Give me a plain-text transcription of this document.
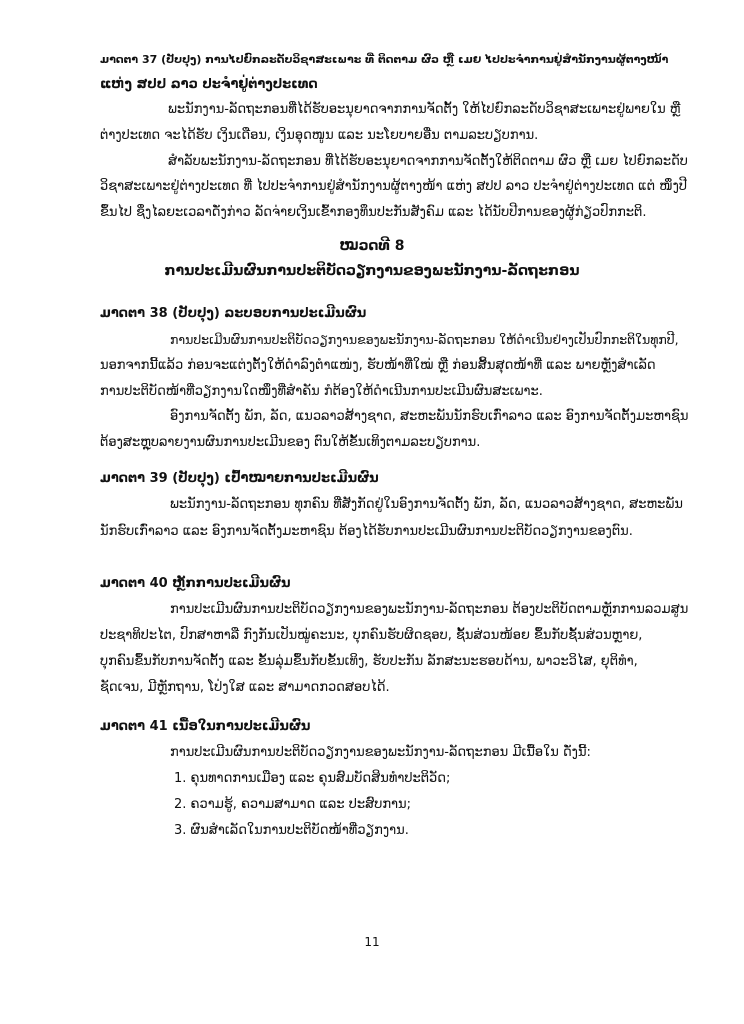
ມາດຕາ 37 (ປັບປຸງ) ການໄປຍົກລະດັບວິຊາສະເພາະ ທີ່ ຕິດຕາມ ຜົວ ຫຼື ເມຍ ໄປປະຈຳການຢູ່ສຳນັກງານຜູ້ຕາງໜ້າ
ແຫ່ງ ສປປ ລາວ ປະຈຳຢູ່ຕ່າງປະເທດ
ພະນັກງານ-ລັດຖະກອນທີ່ໄດ້ຮັບອະນຸຍາດຈາກການຈັດຕັ້ງ ໃຫ້ໄປຍົກລະດັບວິຊາສະເພາະຢູ່ພາຍໃນ ຫຼື
ຕ່າງປະເທດ ຈະໄດ້ຮັບ ເງິນເດືອນ, ເງິນອຸດໜູນ ແລະ ນະໂຍບາຍອື່ນ ຕາມລະບຽບການ.
ສຳລັບພະນັກງານ-ລັດຖະກອນ ທີ່ໄດ້ຮັບອະນຸຍາດຈາກການຈັດຕັ້ງໃຫ້ຕິດຕາມ ຜົວ ຫຼື ເມຍ ໄປຍົກລະດັບ
ວິຊາສະເພາະຢູ່ຕ່າງປະເທດ ທີ່ ໄປປະຈຳການຢູ່ສຳນັກງານຜູ້ຕາງໜ້າ ແຫ່ງ ສປປ ລາວ ປະຈຳຢູ່ຕ່າງປະເທດ ແຕ່ ໜຶ່ງປີ
ຂຶ້ນໄປ ຊຶ່ງໄລຍະເວລາດັ່ງກ່າວ ລັດຈ່າຍເງິນເຂົ້າກອງທຶນປະກັນສັງຄົມ ແລະ ໄດ້ນັບປີການຂອງຜູ້ກ່ຽວປົກກະຕິ.
ໝວດທີ 8
ການປະເມີນຜົນການປະຕິບັດວຽກງານຂອງພະນັກງານ-ລັດຖະກອນ
ມາດຕາ 38 (ປັບປຸງ) ລະບອບການປະເມີນຜົນ
ການປະເມີນຜົນການປະຕິບັດວຽກງານຂອງພະນັກງານ-ລັດຖະກອນ ໃຫ້ດຳເນີນຢ່າງເປັນປົກກະຕິໃນທຸກປີ,
ນອກຈາກນີ້ແລ້ວ ກ່ອນຈະແຕ່ງຕັ້ງໃຫ້ດຳລົງຕຳແໜ່ງ, ຮັບໜ້າທີ່ໃໝ່ ຫຼື ກ່ອນສິ້ນສຸດໜ້າທີ່ ແລະ ພາຍຫຼັງສຳເລັດ
ການປະຕິບັດໜ້າທີ່ວຽກງານໃດໜຶ່ງທີ່ສຳຄັນ ກໍຕ້ອງໃຫ້ດຳເນີນການປະເມີນຜົນສະເພາະ.
ອົງການຈັດຕັ້ງ ພັກ, ລັດ, ແນວລາວສ້າງຊາດ, ສະຫະພັນນັກຮົບເກົ່າລາວ ແລະ ອົງການຈັດຕັ້ງມະຫາຊົນ
ຕ້ອງສະຫຼຸບລາຍງານຜົນການປະເມີນຂອງ ຕົນໃຫ້ຂັ້ນເທິງຕາມລະບຽບການ.
ມາດຕາ 39 (ປັບປຸງ) ເປົ້າໝາຍການປະເມີນຜົນ
ພະນັກງານ-ລັດຖະກອນ ທຸກຄົນ ທີ່ສັງກັດຢູ່ໃນອົງການຈັດຕັ້ງ ພັກ, ລັດ, ແນວລາວສ້າງຊາດ, ສະຫະພັນ
ນັກຮົບເກົ່າລາວ ແລະ ອົງການຈັດຕັ້ງມະຫາຊົນ ຕ້ອງໄດ້ຮັບການປະເມີນຜົນການປະຕິບັດວຽກງານຂອງຕົນ.
ມາດຕາ 40 ຫຼັກການປະເມີນຜົນ
ການປະເມີນຜົນການປະຕິບັດວຽກງານຂອງພະນັກງານ-ລັດຖະກອນ ຕ້ອງປະຕິບັດຕາມຫຼັກການລວມສູນ
ປະຊາທິປະໄຕ, ປົກສາຫາລື ກົງກັນເປັນໝູ່ຄະນະ, ບຸກຄົນຮັບຜິດຊອບ, ຊັ້ນສ່ວນໜ້ອຍ ຂຶ້ນກັບຊັ້ນສ່ວນຫຼາຍ,
ບຸກຄົນຂຶ້ນກັບການຈັດຕັ້ງ ແລະ ຂັ້ນລຸ່ມຂຶ້ນກັບຂັ້ນເທິງ, ຮັບປະກັນ ລັກສະນະຮອບດ້ານ, ພາວະວິໄສ, ຍຸຕິທຳ,
ຊັດເຈນ, ມີຫຼັກຖານ, ໂປ່ງໃສ ແລະ ສາມາດກວດສອບໄດ້.
ມາດຕາ 41 ເນື້ອໃນການປະເມີນຜົນ
ການປະເມີນຜົນການປະຕິບັດວຽກງານຂອງພະນັກງານ-ລັດຖະກອນ ມີເນື້ອໃນ ດັ່ງນີ້:
1. ຄຸນທາດການເມືອງ ແລະ ຄຸນສົມບັດສິນທຳປະຕິວັດ;
2. ຄວາມຮູ້, ຄວາມສາມາດ ແລະ ປະສົບການ;
3. ຜົນສຳເລັດໃນການປະຕິບັດໜ້າທີ່ວຽກງານ.
11
